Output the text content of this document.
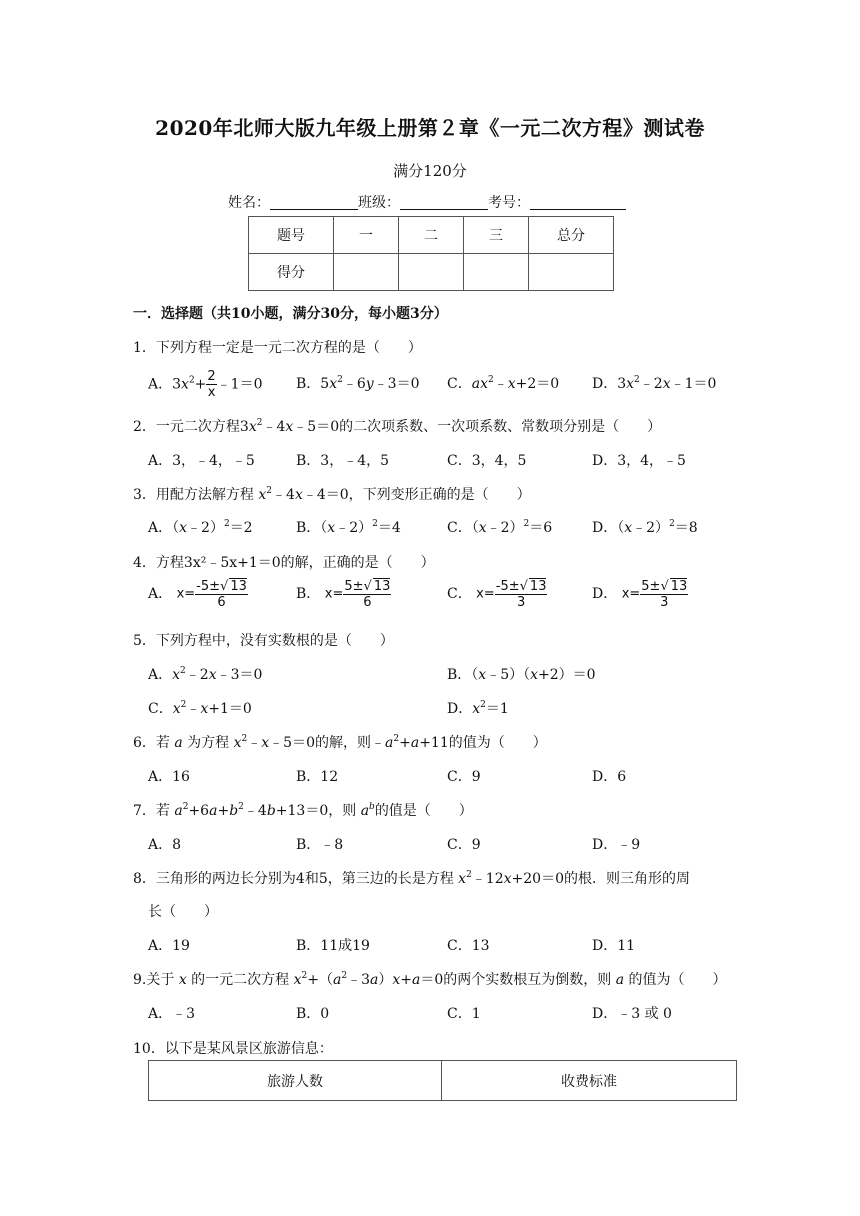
2020年北师大版九年级上册第２章《一元二次方程》测试卷
满分120分
姓名：	班级：	考号：
题号	一	二	三	总分
得分				
一．选择题（共10小题，满分30分，每小题3分）
1．下列方程一定是一元二次方程的是（　　）
A．$3x^2+ \frac{2}{x}$ ﹣1＝0 B．$5x^2﹣6y﹣3=0$ C．$ax^2﹣x+2=0$ D．$3x^2﹣2x﹣1=0$
2．一元二次方程$3x^2﹣4x﹣5=0$的二次项系数、一次项系数、常数项分别是（　　）
A．3，﹣4，﹣5	B．3，﹣4，5	C．3，4，5	D．3，4，﹣5
3．用配方法解方程 $x^2﹣4x﹣4=0$，下列变形正确的是（　　）
A．（x﹣2）$^2$＝2	B．（x﹣2）$^2$＝4	C．（x﹣2）$^2$＝6	D．（x﹣2）$^2$＝8
4．方程3x²﹣5x+1＝0的解，正确的是（　　）
A． $x= \frac{-5\pm√ 13}{6}$	B． $x= \frac{5\pm√ 13}{6}$	C． $x= \frac{-5\pm√ 13}{3}$	D． $x= \frac{5\pm√ 13}{3}$
5．下列方程中，没有实数根的是（　　）
A．$x^2﹣2x﹣3=0$	B．（x﹣5）（x+2）＝0
C．$x^2﹣x+1=0$	D．$x^2=1$
6．若 a 为方程 $x^2﹣x﹣5=0$的解，则$﹣a^2+a+11$的值为（　　）
A．16	B．12	C．9	D．6
7．若 $a^2+6a+b^2﹣4b+13=0$，则 $a^b$的值是（　　）
A．8	B．﹣8	C．9	D．﹣9
8．三角形的两边长分别为4和5，第三边的长是方程 $x^2﹣12x+20=0$的根．则三角形的周
长（　　）
A．19	B．11成19	C．13	D．11
9.关于 x 的一元二次方程 $x^2+(a^2﹣3a)x+a=0$的两个实数根互为倒数，则 a 的值为（　　）
A．﹣3	B．0	C．1	D．﹣3 或 0
10．以下是某风景区旅游信息：
旅游人数	收费标准
